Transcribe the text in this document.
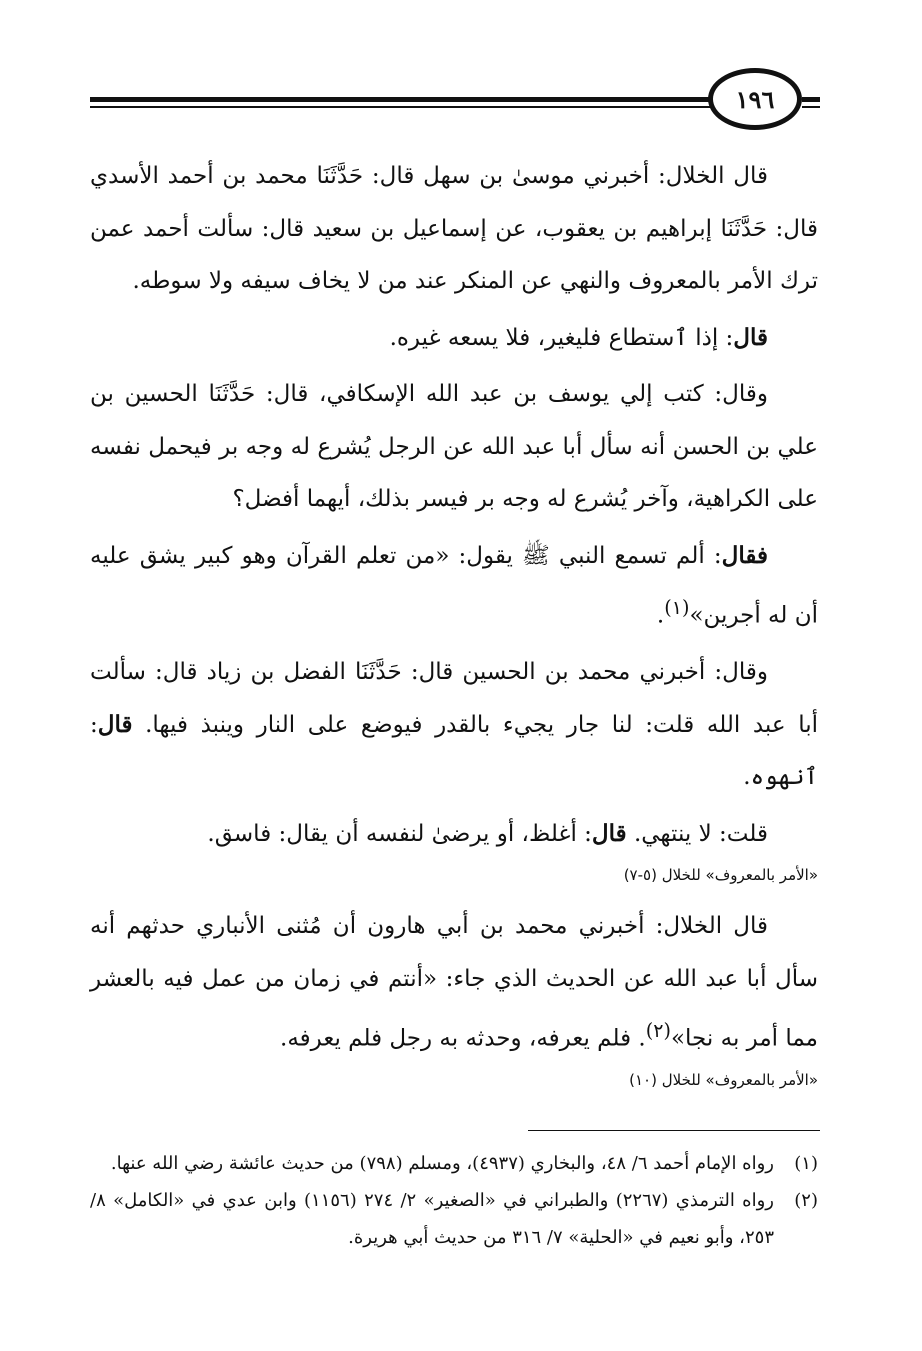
١٩٦

قال الخلال: أخبرني موسىٰ بن سهل قال: حَدَّثَنَا محمد بن أحمد الأسدي قال: حَدَّثَنَا إبراهيم بن يعقوب، عن إسماعيل بن سعيد قال: سألت أحمد عمن ترك الأمر بالمعروف والنهي عن المنكر عند من لا يخاف سيفه ولا سوطه.

قال: إذا ٱستطاع فليغير، فلا يسعه غيره.

وقال: كتب إلي يوسف بن عبد الله الإسكافي، قال: حَدَّثَنَا الحسين بن علي بن الحسن أنه سأل أبا عبد الله عن الرجل يُشرع له وجه بر فيحمل نفسه على الكراهية، وآخر يُشرع له وجه بر فيسر بذلك، أيهما أفضل؟

فقال: ألم تسمع النبي ﷺ يقول: «من تعلم القرآن وهو كبير يشق عليه أن له أجرين»$^{(١)}$.

وقال: أخبرني محمد بن الحسين قال: حَدَّثَنَا الفضل بن زياد قال: سألت أبا عبد الله قلت: لنا جار يجيء بالقدر فيوضع على النار وينبذ فيها. قال: ٱنهوه.

قلت: لا ينتهي. قال: أغلظ، أو يرضىٰ لنفسه أن يقال: فاسق.

«الأمر بالمعروف» للخلال (٥-٧)

قال الخلال: أخبرني محمد بن أبي هارون أن مُثنى الأنباري حدثهم أنه سأل أبا عبد الله عن الحديث الذي جاء: «أنتم في زمان من عمل فيه بالعشر مما أمر به نجا»$^{(٢)}$. فلم يعرفه، وحدثه به رجل فلم يعرفه.

«الأمر بالمعروف» للخلال (١٠)
(١)
رواه الإمام أحمد ٦/ ٤٨، والبخاري (٤٩٣٧)، ومسلم (٧٩٨) من حديث عائشة رضي الله عنها.
(٢)
رواه الترمذي (٢٢٦٧) والطبراني في «الصغير» ٢/ ٢٧٤ (١١٥٦) وابن عدي في «الكامل» ٨/ ٢٥٣، وأبو نعيم في «الحلية» ٧/ ٣١٦ من حديث أبي هريرة.
